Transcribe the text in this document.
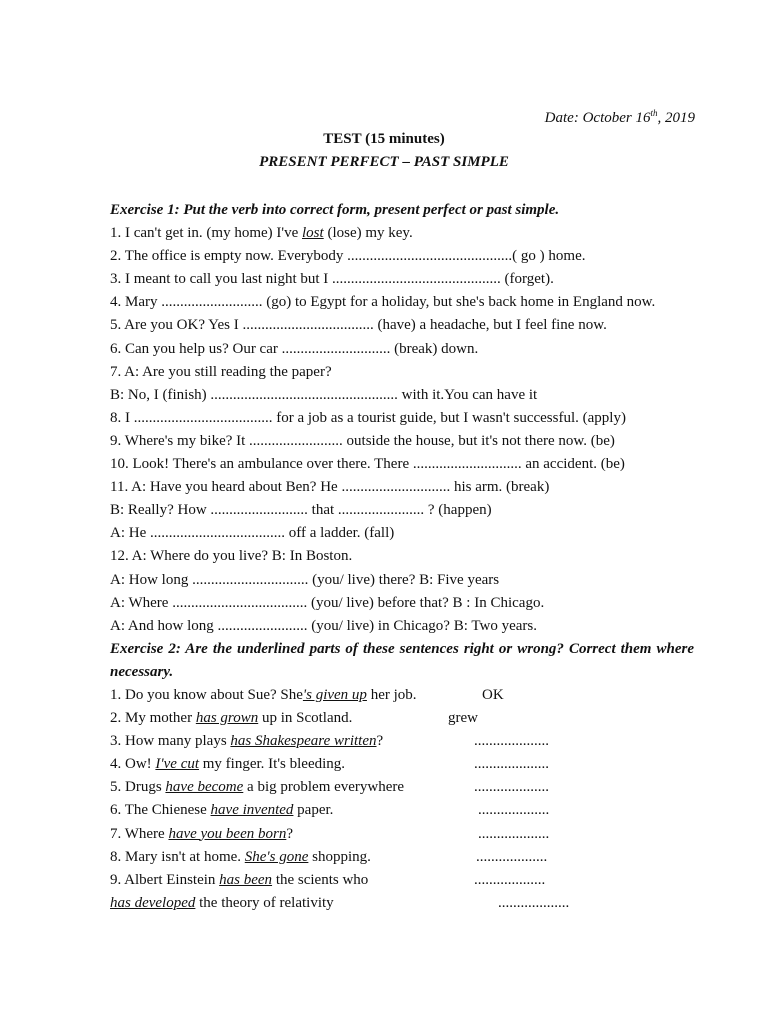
Date: October 16th, 2019
TEST (15 minutes)
PRESENT PERFECT – PAST SIMPLE
Exercise 1: Put the verb into correct form, present perfect or past simple.
1. I can't get in. (my home) I've lost (lose) my key.
2. The office is empty now. Everybody ............................................( go ) home.
3. I meant to call you last night but I ............................................. (forget).
4. Mary ........................... (go) to Egypt for a holiday, but she's back home in England now.
5. Are you OK? Yes I ................................... (have) a headache, but I feel fine now.
6. Can you help us? Our car ............................. (break) down.
7. A: Are you still reading the paper?
B: No, I (finish) .................................................. with it.You can have it
8. I ..................................... for a job as a tourist guide, but I wasn't successful. (apply)
9. Where's my bike? It ......................... outside the house, but it's not there now. (be)
10. Look! There's an ambulance over there. There ............................. an accident. (be)
11. A: Have you heard about Ben? He ............................. his arm. (break)
B: Really? How .......................... that ....................... ? (happen)
A: He .................................... off a ladder. (fall)
12. A: Where do you live? B: In Boston.
A: How long ............................... (you/ live) there? B: Five years
A: Where .................................... (you/ live) before that? B : In Chicago.
A: And how long ........................ (you/ live) in Chicago? B: Two years.
Exercise 2: Are the underlined parts of these sentences right or wrong? Correct them where necessary.
1. Do you know about Sue? She's given up her job.	OK
2. My mother has grown up in Scotland.	grew
3. How many plays has Shakespeare written?	....................
4. Ow! I've cut my finger. It's bleeding.	....................
5. Drugs have become a big problem everywhere	....................
6. The Chienese have invented paper.	...................
7. Where have you been born?	...................
8. Mary isn't at home. She's gone shopping.	...................
9. Albert Einstein has been the scients who	...................
has developed the theory of relativity	...................
